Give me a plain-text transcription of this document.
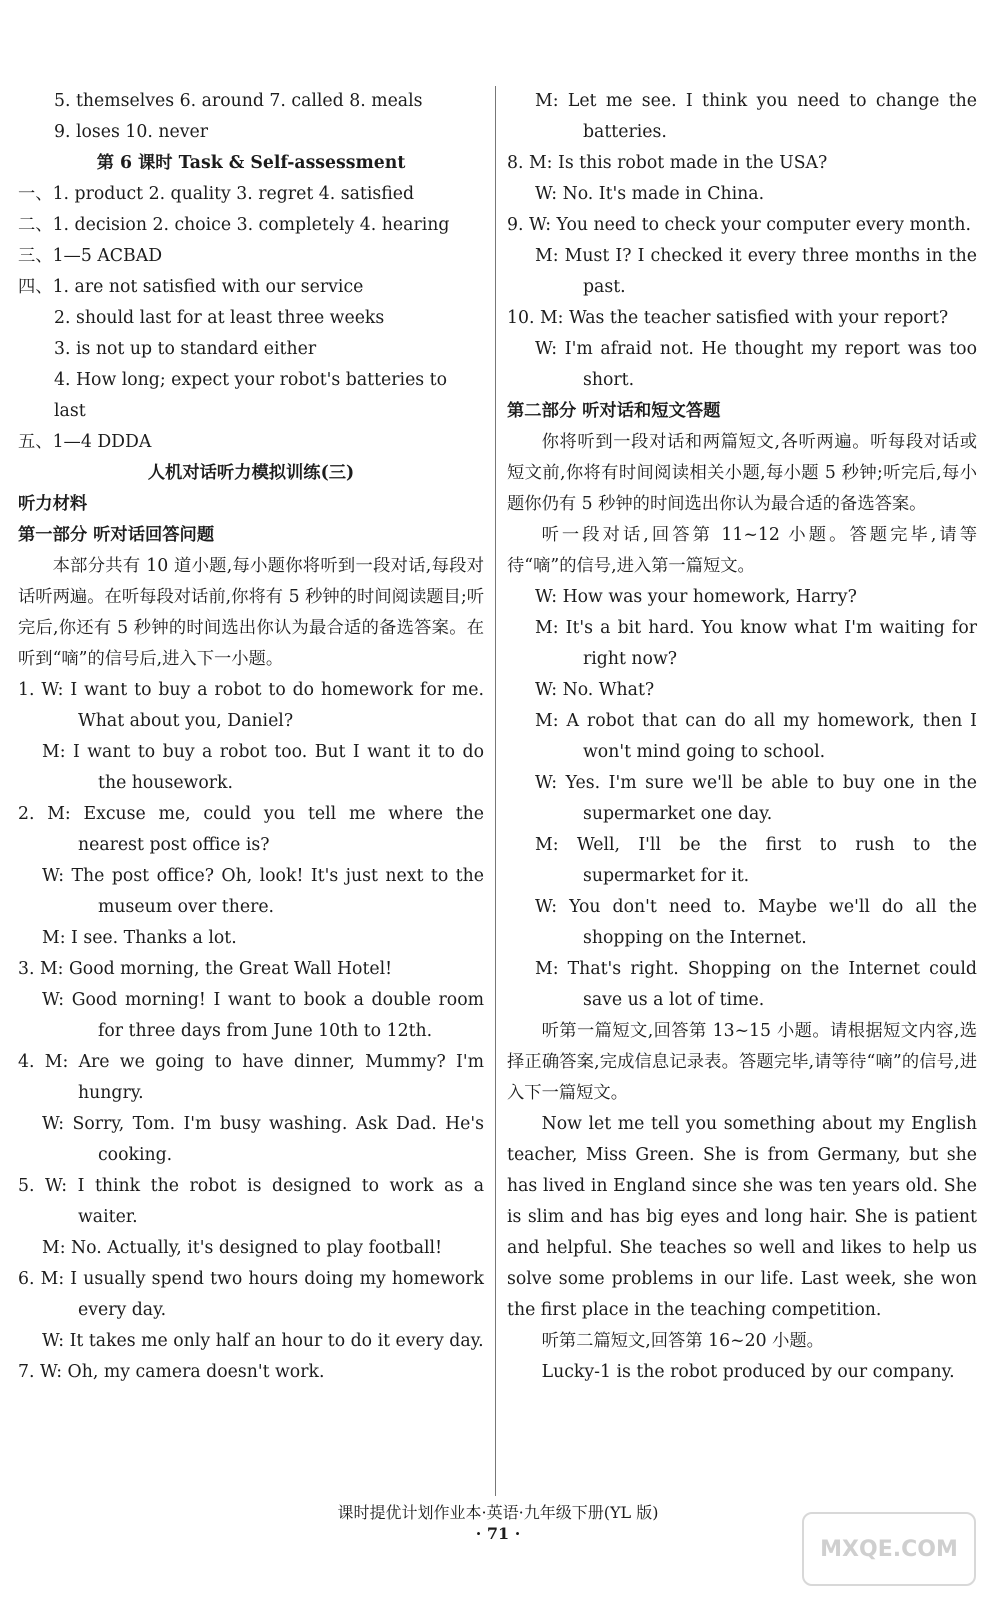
5. themselves 6. around 7. called 8. meals

9. loses 10. never

第 6 课时 Task & Self-assessment

一、1. product 2. quality 3. regret 4. satisfied

二、1. decision 2. choice 3. completely 4. hearing

三、1—5 ACBAD

四、1. are not satisfied with our service

2. should last for at least three weeks

3. is not up to standard either

4. How long; expect your robot's batteries to

last

五、1—4 DDDA

人机对话听力模拟训练(三)

听力材料

第一部分 听对话回答问题

本部分共有 10 道小题,每小题你将听到一段对话,每段对话听两遍。在听每段对话前,你将有 5 秒钟的时间阅读题目;听完后,你还有 5 秒钟的时间选出你认为最合适的备选答案。在听到“嘀”的信号后,进入下一小题。

1. W: I want to buy a robot to do homework for me. What about you, Daniel?

M: I want to buy a robot too. But I want it to do the housework.

2. M: Excuse me, could you tell me where the nearest post office is?

W: The post office? Oh, look! It's just next to the museum over there.

M: I see. Thanks a lot.

3. M: Good morning, the Great Wall Hotel!

W: Good morning! I want to book a double room for three days from June 10th to 12th.

4. M: Are we going to have dinner, Mummy? I'm hungry.

W: Sorry, Tom. I'm busy washing. Ask Dad. He's cooking.

5. W: I think the robot is designed to work as a waiter.

M: No. Actually, it's designed to play football!

6. M: I usually spend two hours doing my homework every day.

W: It takes me only half an hour to do it every day.

7. W: Oh, my camera doesn't work.

M: Let me see. I think you need to change the batteries.

8. M: Is this robot made in the USA?

W: No. It's made in China.

9. W: You need to check your computer every month.

M: Must I? I checked it every three months in the past.

10. M: Was the teacher satisfied with your report?

W: I'm afraid not. He thought my report was too short.

第二部分 听对话和短文答题

你将听到一段对话和两篇短文,各听两遍。听每段对话或短文前,你将有时间阅读相关小题,每小题 5 秒钟;听完后,每小题你仍有 5 秒钟的时间选出你认为最合适的备选答案。

听一段对话,回答第 11~12 小题。答题完毕,请等待“嘀”的信号,进入第一篇短文。

W: How was your homework, Harry?

M: It's a bit hard. You know what I'm waiting for right now?

W: No. What?

M: A robot that can do all my homework, then I won't mind going to school.

W: Yes. I'm sure we'll be able to buy one in the supermarket one day.

M: Well, I'll be the first to rush to the supermarket for it.

W: You don't need to. Maybe we'll do all the shopping on the Internet.

M: That's right. Shopping on the Internet could save us a lot of time.

听第一篇短文,回答第 13~15 小题。请根据短文内容,选择正确答案,完成信息记录表。答题完毕,请等待“嘀”的信号,进入下一篇短文。

Now let me tell you something about my English teacher, Miss Green. She is from Germany, but she has lived in England since she was ten years old. She is slim and has big eyes and long hair. She is patient and helpful. She teaches so well and likes to help us solve some problems in our life. Last week, she won the first place in the teaching competition.

听第二篇短文,回答第 16~20 小题。

Lucky-1 is the robot produced by our company.

课时提优计划作业本·英语·九年级下册(YL 版)
· 71 ·
MXQE.COM
